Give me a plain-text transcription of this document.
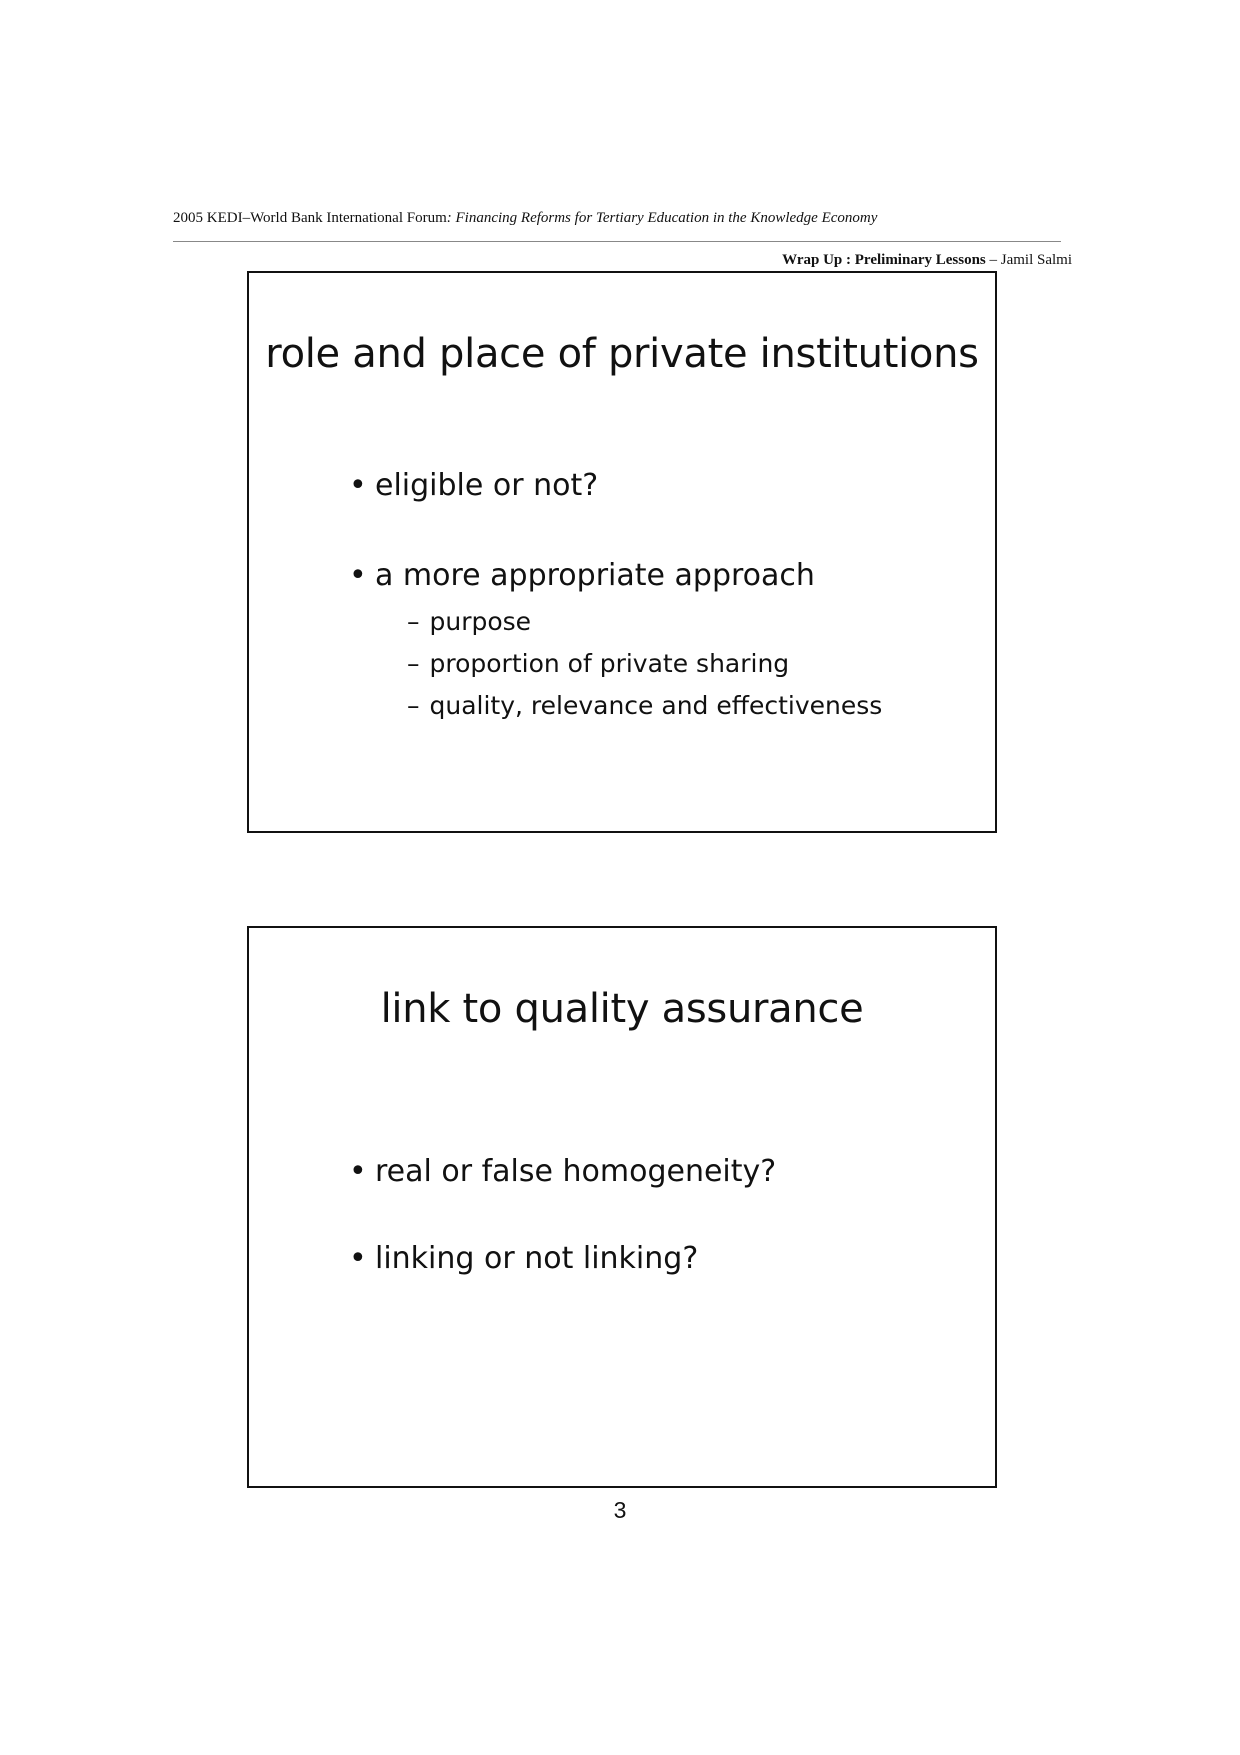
2005 KEDI–World Bank International Forum: Financing Reforms for Tertiary Education in the Knowledge Economy
Wrap Up : Preliminary Lessons – Jamil Salmi
role and place of private institutions
• eligible or not?
• a more appropriate approach
– purpose
– proportion of private sharing
– quality, relevance and effectiveness
link to quality assurance
• real or false homogeneity?
• linking or not linking?
3
